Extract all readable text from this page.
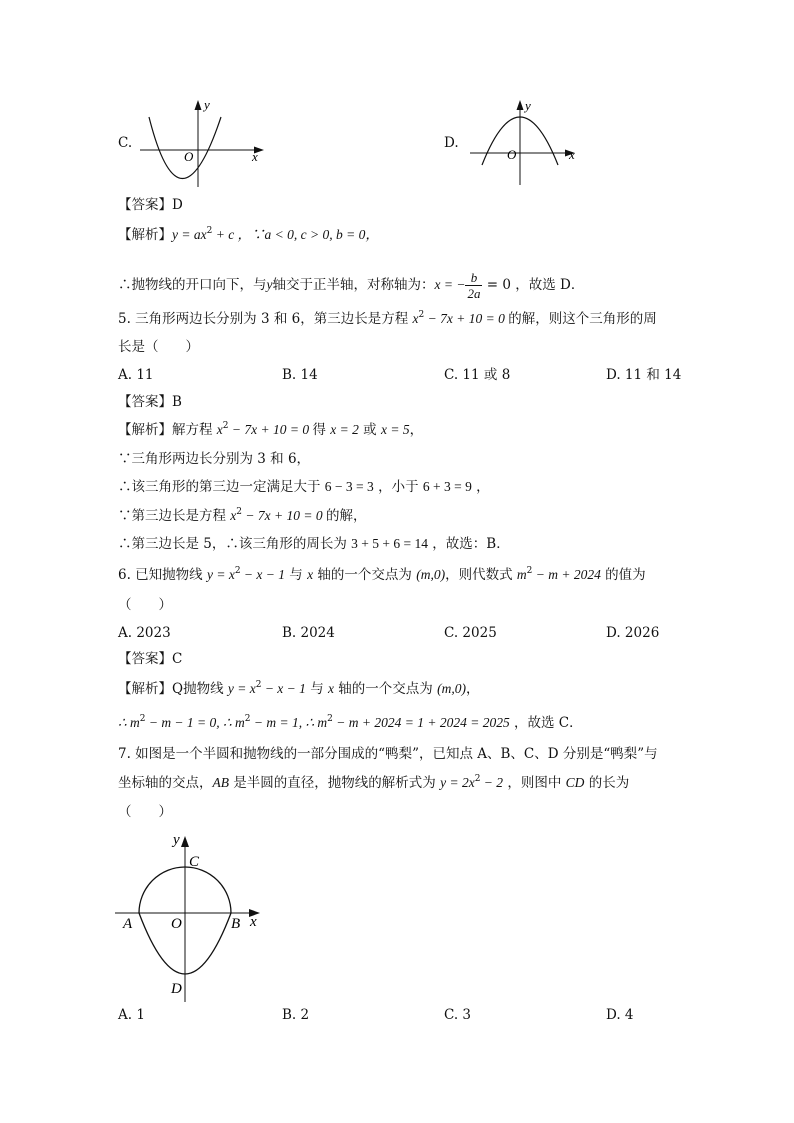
C.
y
x
O
D.
y
x
O
【答案】D
【解析】$y = ax^2 + c$ ，∵a < 0, c > 0, b = 0，
∴抛物线的开口向下，与y轴交于正半轴，对称轴为：x = − $\frac{b}{2a} = 0$ ，故选 D．
5. 三角形两边长分别为 3 和 6，第三边长是方程 $x^2 - 7x + 10 = 0$ 的解，则这个三角形的周
长是（　　）
A. 11	B. 14	C. 11 或 8	D. 11 和 14
【答案】B
【解析】解方程 $x^2 - 7x + 10 = 0$ 得 x = 2 或 x = 5，
∵三角形两边长分别为 3 和 6，
∴该三角形的第三边一定满足大于 6 − 3 = 3 ，小于 6 + 3 = 9 ，
∵第三边长是方程 $x^2 - 7x + 10 = 0$ 的解，
∴第三边长是 5，∴该三角形的周长为 3 + 5 + 6 = 14 ，故选：B．
6. 已知抛物线 $y = x^2 - x - 1$ 与 x 轴的一个交点为 (m,0)，则代数式 $m^2 - m + 2024$ 的值为
（　　）
A. 2023	B. 2024	C. 2025	D. 2026
【答案】C
【解析】Q抛物线 $y = x^2 - x - 1$ 与 x 轴的一个交点为 (m,0)，
∴ $m^2 - m - 1 = 0$, ∴ $m^2 - m = 1$, ∴ $m^2 - m + 2024 = 1 + 2024 = 2025$ ，故选 C．
7. 如图是一个半圆和抛物线的一部分围成的“鸭梨”，已知点 A、B、C、D 分别是“鸭梨”与
坐标轴的交点，AB 是半圆的直径，抛物线的解析式为 $y = 2x^2 - 2$ ，则图中 CD 的长为
（　　）
y
C
A	O	B x
D
A. 1	B. 2	C. 3	D. 4
